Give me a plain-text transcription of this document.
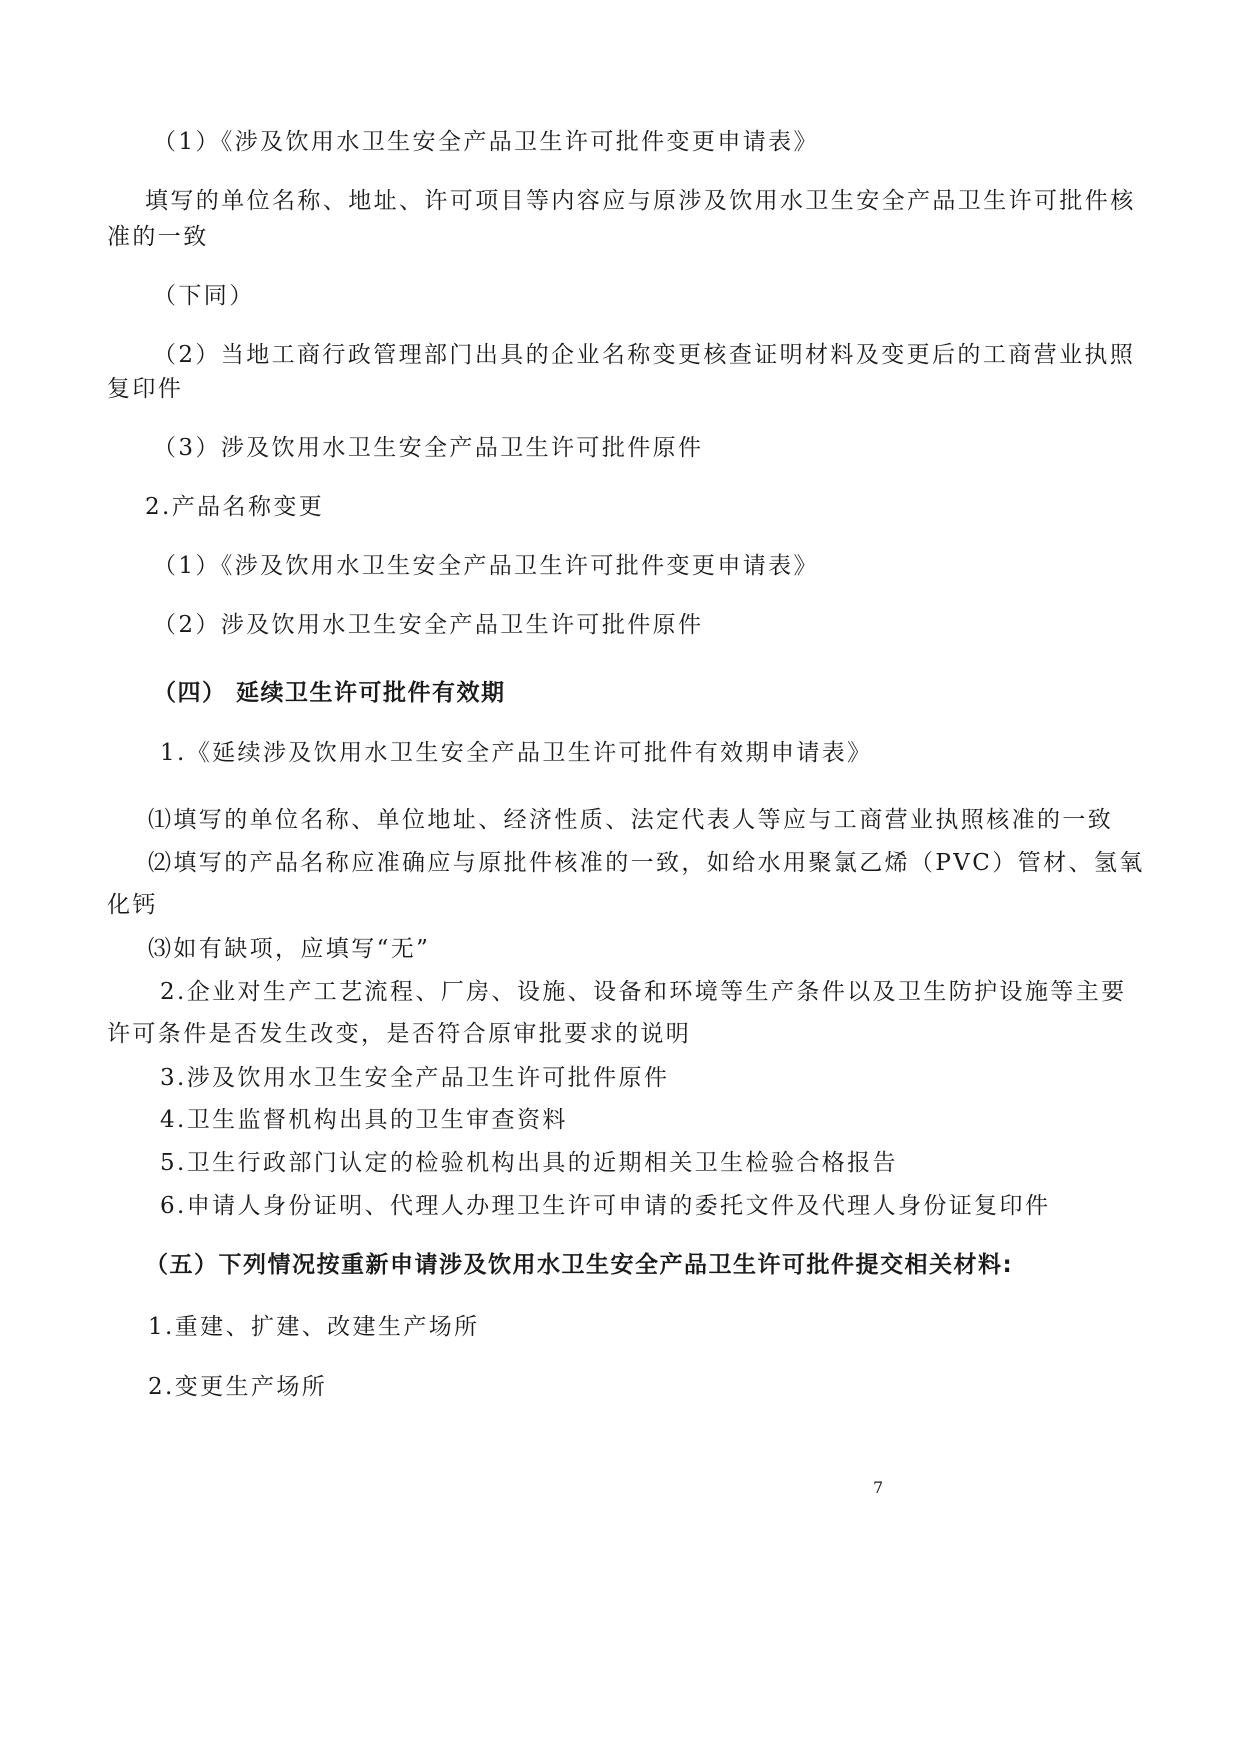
（1）《涉及饮用水卫生安全产品卫生许可批件变更申请表》
填写的单位名称、地址、许可项目等内容应与原涉及饮用水卫生安全产品卫生许可批件核
准的一致
（下同）
（2）当地工商行政管理部门出具的企业名称变更核查证明材料及变更后的工商营业执照
复印件
（3）涉及饮用水卫生安全产品卫生许可批件原件
2.产品名称变更
（1）《涉及饮用水卫生安全产品卫生许可批件变更申请表》
（2）涉及饮用水卫生安全产品卫生许可批件原件
（四） 延续卫生许可批件有效期
1.《延续涉及饮用水卫生安全产品卫生许可批件有效期申请表》
⑴填写的单位名称、单位地址、经济性质、法定代表人等应与工商营业执照核准的一致
⑵填写的产品名称应准确应与原批件核准的一致，如给水用聚氯乙烯（PVC）管材、氢氧
化钙
⑶如有缺项，应填写“无”
2.企业对生产工艺流程、厂房、设施、设备和环境等生产条件以及卫生防护设施等主要
许可条件是否发生改变，是否符合原审批要求的说明
3.涉及饮用水卫生安全产品卫生许可批件原件
4.卫生监督机构出具的卫生审查资料
5.卫生行政部门认定的检验机构出具的近期相关卫生检验合格报告
6.申请人身份证明、代理人办理卫生许可申请的委托文件及代理人身份证复印件
（五）下列情况按重新申请涉及饮用水卫生安全产品卫生许可批件提交相关材料:
1.重建、扩建、改建生产场所
2.变更生产场所
7
